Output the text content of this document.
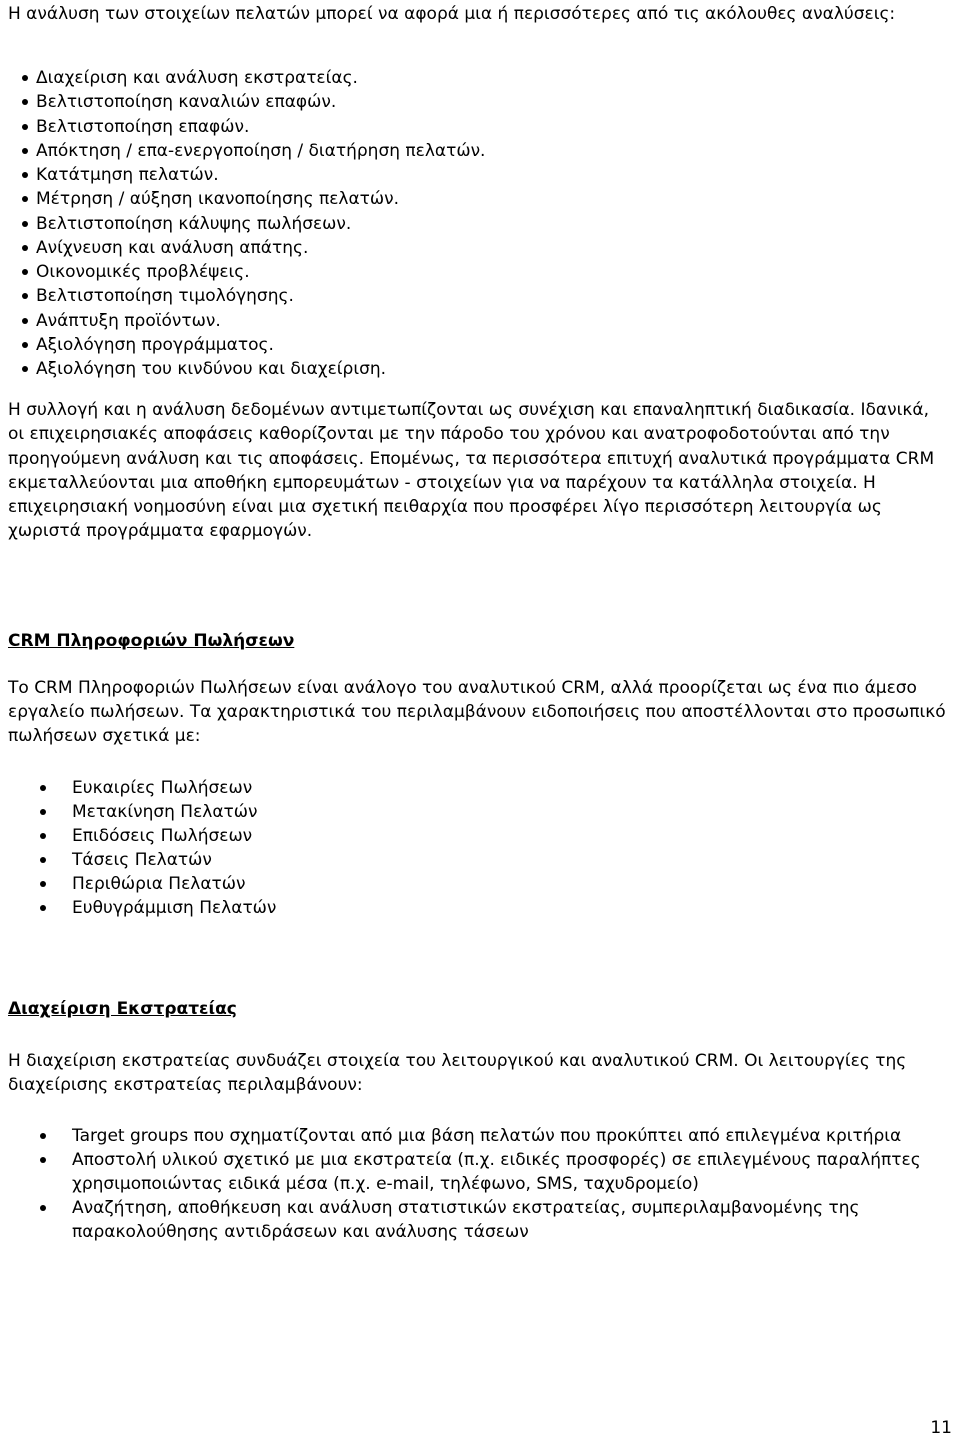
Η ανάλυση των στοιχείων πελατών μπορεί να αφορά μια ή περισσότερες από τις ακόλουθες αναλύσεις:

Διαχείριση και ανάλυση εκστρατείας.
Βελτιστοποίηση καναλιών επαφών.
Βελτιστοποίηση επαφών.
Απόκτηση / επα-ενεργοποίηση / διατήρηση πελατών.
Κατάτμηση πελατών.
Μέτρηση / αύξηση ικανοποίησης πελατών.
Βελτιστοποίηση κάλυψης πωλήσεων.
Ανίχνευση και ανάλυση απάτης.
Οικονομικές προβλέψεις.
Βελτιστοποίηση τιμολόγησης.
Ανάπτυξη προϊόντων.
Αξιολόγηση προγράμματος.
Αξιολόγηση του κινδύνου και διαχείριση.

Η συλλογή και η ανάλυση δεδομένων αντιμετωπίζονται ως συνέχιση και επαναληπτική διαδικασία. Ιδανικά, οι επιχειρησιακές αποφάσεις καθορίζονται με την πάροδο του χρόνου και ανατροφοδοτούνται από την προηγούμενη ανάλυση και τις αποφάσεις. Επομένως, τα περισσότερα επιτυχή αναλυτικά προγράμματα CRM εκμεταλλεύονται μια αποθήκη εμπορευμάτων - στοιχείων για να παρέχουν τα κατάλληλα στοιχεία. Η επιχειρησιακή νοημοσύνη είναι μια σχετική πειθαρχία που προσφέρει λίγο περισσότερη λειτουργία ως χωριστά προγράμματα εφαρμογών.

CRM Πληροφοριών Πωλήσεων

Το CRM Πληροφοριών Πωλήσεων είναι ανάλογο του αναλυτικού CRM, αλλά προορίζεται ως ένα πιο άμεσο εργαλείο πωλήσεων. Τα χαρακτηριστικά του περιλαμβάνουν ειδοποιήσεις που αποστέλλονται στο προσωπικό πωλήσεων σχετικά με:

Ευκαιρίες Πωλήσεων
Μετακίνηση Πελατών
Επιδόσεις Πωλήσεων
Τάσεις Πελατών
Περιθώρια Πελατών
Ευθυγράμμιση Πελατών
Διαχείριση Εκστρατείας

Η διαχείριση εκστρατείας συνδυάζει στοιχεία του λειτουργικού και αναλυτικού CRM. Οι λειτουργίες της διαχείρισης εκστρατείας περιλαμβάνουν:

Target groups που σχηματίζονται από μια βάση πελατών που προκύπτει από επιλεγμένα κριτήρια
Αποστολή υλικού σχετικό με μια εκστρατεία (π.χ. ειδικές προσφορές) σε επιλεγμένους παραλήπτες χρησιμοποιώντας ειδικά μέσα (π.χ. e-mail, τηλέφωνο, SMS, ταχυδρομείο)
Αναζήτηση, αποθήκευση και ανάλυση στατιστικών εκστρατείας, συμπεριλαμβανομένης της παρακολούθησης αντιδράσεων και ανάλυσης τάσεων
11
